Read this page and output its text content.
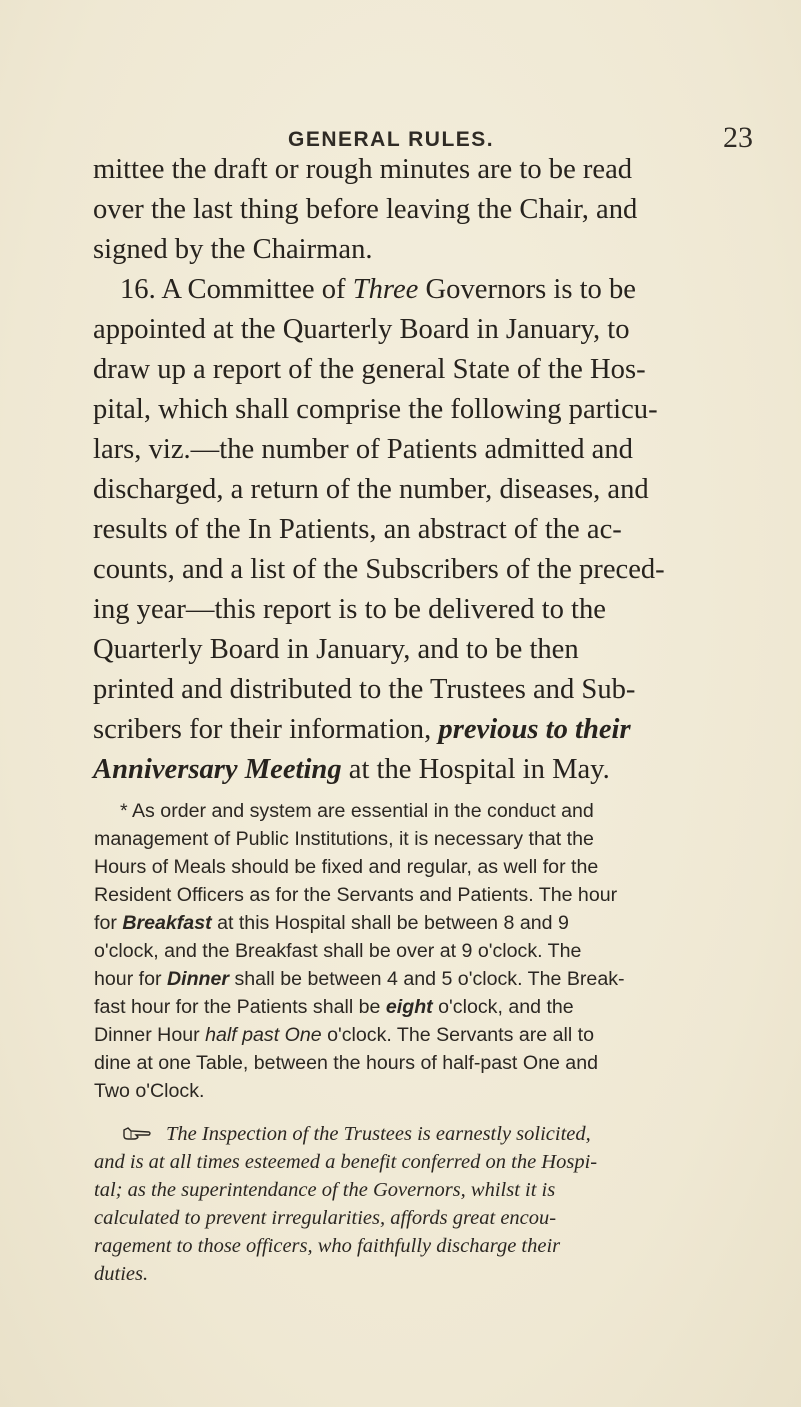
GENERAL RULES.	23
mittee the draft or rough minutes are to be read
over the last thing before leaving the Chair, and
signed by the Chairman.
16. A Committee of Three Governors is to be
appointed at the Quarterly Board in January, to
draw up a report of the general State of the Hos-
pital, which shall comprise the following particu-
lars, viz.—the number of Patients admitted and
discharged, a return of the number, diseases, and
results of the In Patients, an abstract of the ac-
counts, and a list of the Subscribers of the preced-
ing year—this report is to be delivered to the
Quarterly Board in January, and to be then
printed and distributed to the Trustees and Sub-
scribers for their information, previous to their
Anniversary Meeting at the Hospital in May.
* As order and system are essential in the conduct and
management of Public Institutions, it is necessary that the
Hours of Meals should be fixed and regular, as well for the
Resident Officers as for the Servants and Patients. The hour
for Breakfast at this Hospital shall be between 8 and 9
o'clock, and the Breakfast shall be over at 9 o'clock. The
hour for Dinner shall be between 4 and 5 o'clock. The Break-
fast hour for the Patients shall be eight o'clock, and the
Dinner Hour half past One o'clock. The Servants are all to
dine at one Table, between the hours of half-past One and
Two o'Clock.
The Inspection of the Trustees is earnestly solicited,
and is at all times esteemed a benefit conferred on the Hospi-
tal; as the superintendance of the Governors, whilst it is
calculated to prevent irregularities, affords great encou-
ragement to those officers, who faithfully discharge their
duties.
